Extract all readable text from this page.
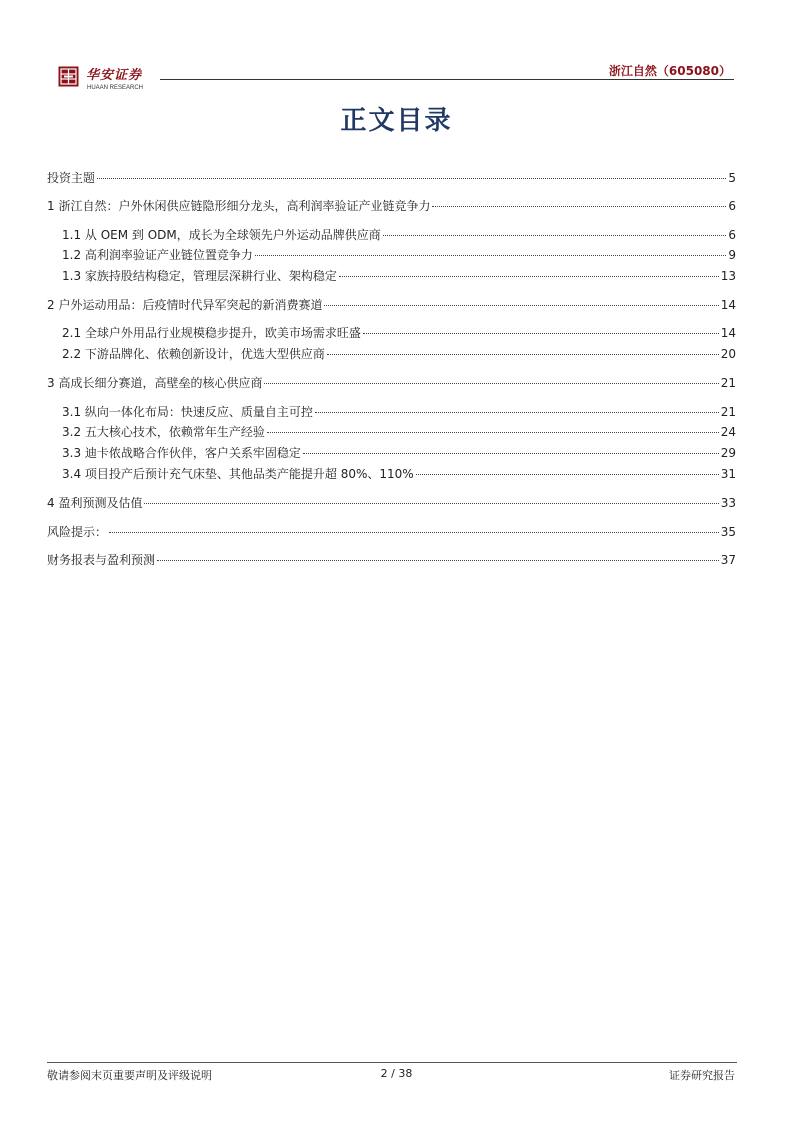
华安证券
HUAAN RESEARCH
浙江自然（605080）
正文目录
投资主题	5
1 浙江自然：户外休闲供应链隐形细分龙头，高利润率验证产业链竞争力	6
1.1 从 OEM 到 ODM，成长为全球领先户外运动品牌供应商	6
1.2 高利润率验证产业链位置竞争力	9
1.3 家族持股结构稳定，管理层深耕行业、架构稳定	13
2 户外运动用品：后疫情时代异军突起的新消费赛道	14
2.1 全球户外用品行业规模稳步提升，欧美市场需求旺盛	14
2.2 下游品牌化、依赖创新设计，优选大型供应商	20
3 高成长细分赛道，高壁垒的核心供应商	21
3.1 纵向一体化布局：快速反应、质量自主可控	21
3.2 五大核心技术，依赖常年生产经验	24
3.3 迪卡侬战略合作伙伴，客户关系牢固稳定	29
3.4 项目投产后预计充气床垫、其他品类产能提升超 80%、110%	31
4 盈利预测及估值	33
风险提示：	35
财务报表与盈利预测	37
敬请参阅末页重要声明及评级说明	2 / 38	证券研究报告
